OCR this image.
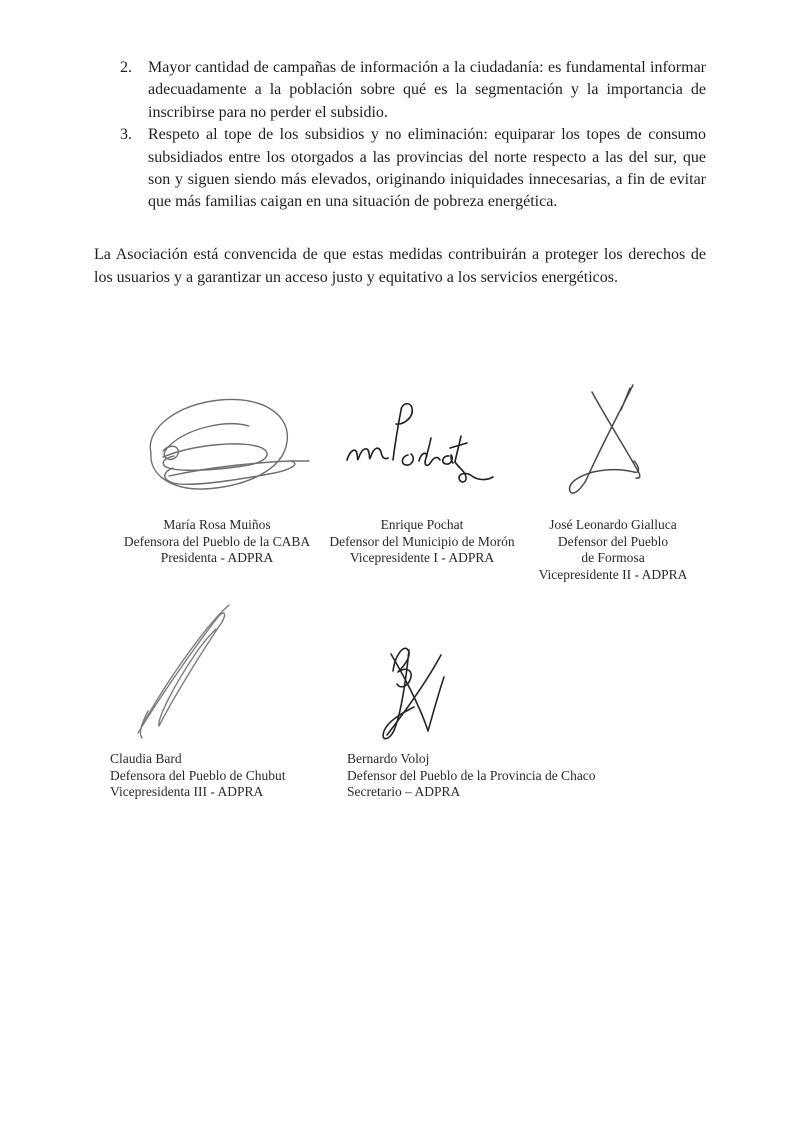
2.	Mayor cantidad de campañas de información a la ciudadanía: es fundamental informar adecuadamente a la población sobre qué es la segmentación y la importancia de inscribirse para no perder el subsidio.
3.	Respeto al tope de los subsidios y no eliminación: equiparar los topes de consumo subsidiados entre los otorgados a las provincias del norte respecto a las del sur, que son y siguen siendo más elevados, originando iniquidades innecesarias, a fin de evitar que más familias caigan en una situación de pobreza energética.
La Asociación está convencida de que estas medidas contribuirán a proteger los derechos de los usuarios y a garantizar un acceso justo y equitativo a los servicios energéticos.
María Rosa Muiños
Defensora del Pueblo de la CABA
Presidenta - ADPRA
Enrique Pochat
Defensor del Municipio de Morón
Vicepresidente I - ADPRA
José Leonardo Gialluca
Defensor del Pueblo
de Formosa
Vicepresidente II - ADPRA
Claudia Bard
Defensora del Pueblo de Chubut
Vicepresidenta III - ADPRA
Bernardo Voloj
Defensor del Pueblo de la Provincia de Chaco
Secretario – ADPRA
